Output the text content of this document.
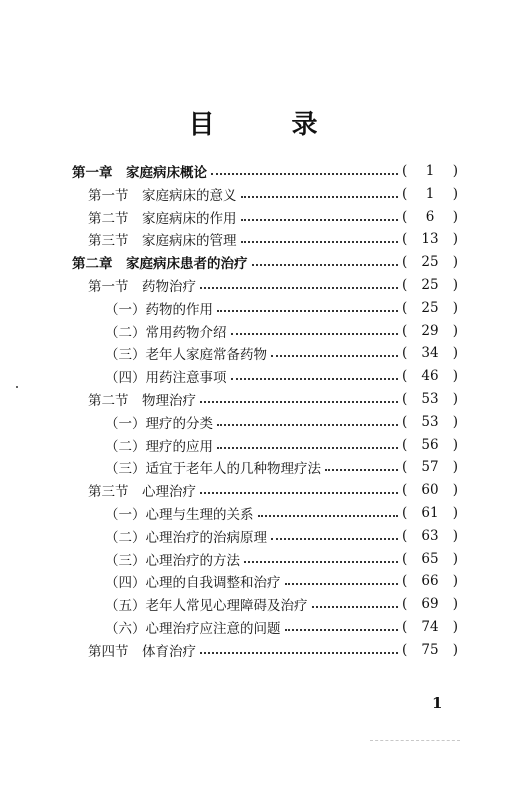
目 录
第一章　家庭病床概论	(	1	)
第一节　家庭病床的意义	(	1	)
第二节　家庭病床的作用	(	6	)
第三节　家庭病床的管理	(	13	)
第二章　家庭病床患者的治疗	(	25	)
第一节　药物治疗	(	25	)
（一）药物的作用	(	25	)
（二）常用药物介绍	(	29	)
（三）老年人家庭常备药物	(	34	)
（四）用药注意事项	(	46	)
第二节　物理治疗	(	53	)
（一）理疗的分类	(	53	)
（二）理疗的应用	(	56	)
（三）适宜于老年人的几种物理疗法	(	57	)
第三节　心理治疗	(	60	)
（一）心理与生理的关系	(	61	)
（二）心理治疗的治病原理	(	63	)
（三）心理治疗的方法	(	65	)
（四）心理的自我调整和治疗	(	66	)
（五）老年人常见心理障碍及治疗	(	69	)
（六）心理治疗应注意的问题	(	74	)
第四节　体育治疗	(	75	)
1
